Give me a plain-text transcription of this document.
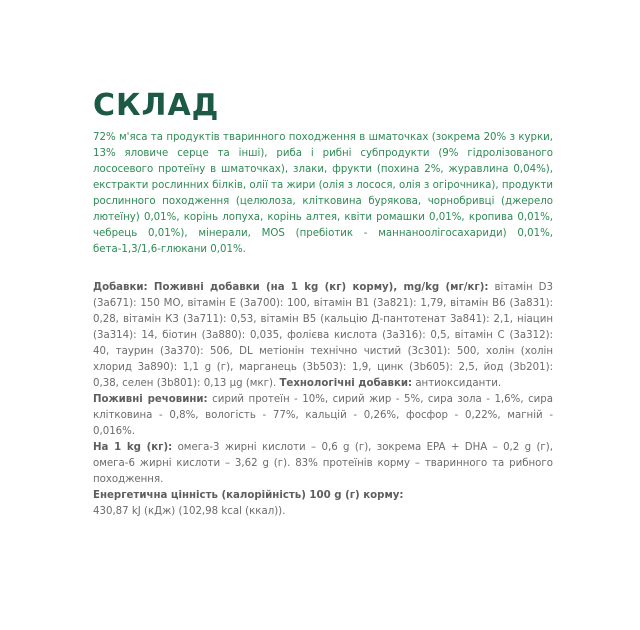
СКЛАД

72% м'яса та продуктів тваринного походження в шматочках (зокрема 20% з курки, 13% яловиче серце та інші), риба і рибні субпродукти (9% гідролізованого лососевого протеїну в шматочках), злаки, фрукти (похина 2%, журавлина 0,04%), екстракти рослинних білків, олії та жири (олія з лосося, олія з огірочника), продукти рослинного походження (целюлоза, клітковина бурякова, чорнобривці (джерело лютеїну) 0,01%, корінь лопуха, корінь алтея, квіти ромашки 0,01%, кропива 0,01%, чебрець 0,01%), мінерали, MOS (пребіотик - маннаноолігосахариди) 0,01%, бета-1,3/1,6-глюкани 0,01%.

Добавки: Поживні добавки (на 1 kg (кг) корму), mg/kg (мг/кг): вітамін D3 (3a671): 150 МО, вітамін Е (3a700): 100, вітамін В1 (3a821): 1,79, вітамін В6 (3a831): 0,28, вітамін К3 (3a711): 0,53, вітамін В5 (кальцію Д-пантотенат 3a841): 2,1, ніацин (3a314): 14, біотин (3a880): 0,035, фолієва кислота (3a316): 0,5, вітамін С (3a312): 40, таурин (3a370): 506, DL метіонін технічно чистий (3c301): 500, холін (холін хлорид 3a890): 1,1 g (г), марганець (3b503): 1,9, цинк (3b605): 2,5, йод (3b201): 0,38, селен (3b801): 0,13 μg (мкг). Технологічні добавки: антиоксиданти.

Поживні речовини: сирий протеїн - 10%, сирий жир - 5%, сира зола - 1,6%, сира клітковина - 0,8%, вологість - 77%, кальцій - 0,26%, фосфор - 0,22%, магній - 0,016%.

На 1 kg (кг): омега-3 жирні кислоти – 0,6 g (г), зокрема EPA + DHA – 0,2 g (г), омега-6 жирні кислоти – 3,62 g (г). 83% протеїнів корму – тваринного та рибного походження.

Енергетична цінність (калорійність) 100 g (г) корму:
430,87 kJ (кДж) (102,98 kcal (ккал)).
